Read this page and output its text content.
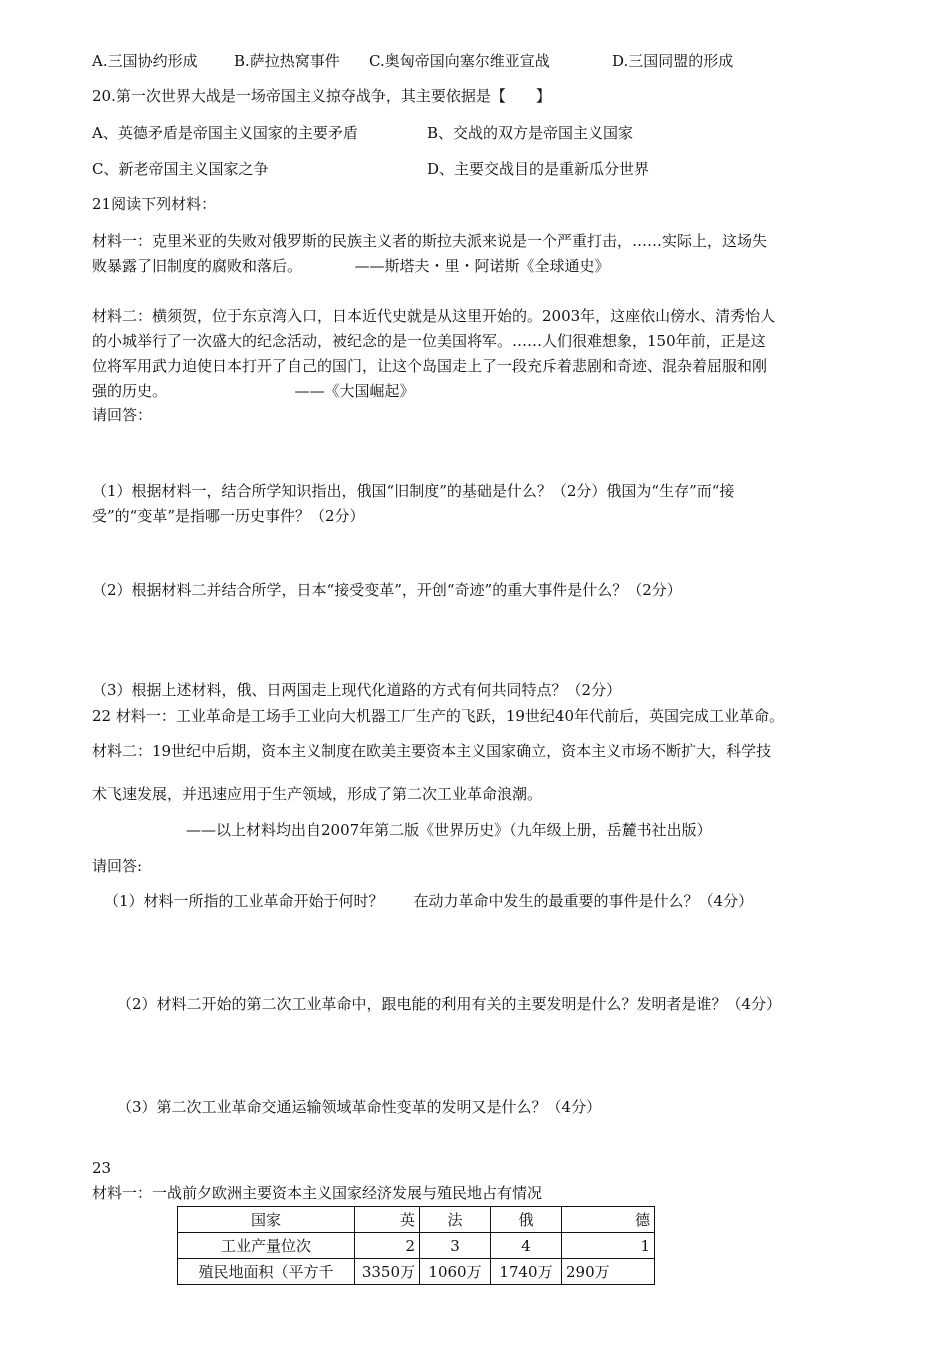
A.三国协约形成 B.萨拉热窝事件 C.奥匈帝国向塞尔维亚宣战	D.三国同盟的形成
20.第一次世界大战是一场帝国主义掠夺战争，其主要依据是【　　】
A、英德矛盾是帝国主义国家的主要矛盾	B、交战的双方是帝国主义国家
C、新老帝国主义国家之争	D、主要交战目的是重新瓜分世界
21阅读下列材料：
材料一：克里米亚的失败对俄罗斯的民族主义者的斯拉夫派来说是一个严重打击，……实际上，这场失
败暴露了旧制度的腐败和落后。　　　　——斯塔夫・里・阿诺斯《全球通史》
材料二：横须贺，位于东京湾入口，日本近代史就是从这里开始的。2003年，这座依山傍水、清秀怡人
的小城举行了一次盛大的纪念活动，被纪念的是一位美国将军。……人们很难想象，150年前，正是这
位将军用武力迫使日本打开了自己的国门，让这个岛国走上了一段充斥着悲剧和奇迹、混杂着屈服和刚
强的历史。　　　　　　　　　——《大国崛起》
请回答：
（1）根据材料一，结合所学知识指出，俄国“旧制度”的基础是什么？（2分）俄国为“生存”而“接
受”的“变革”是指哪一历史事件？（2分）
（2）根据材料二并结合所学，日本“接受变革”，开创“奇迹”的重大事件是什么？（2分）
（3）根据上述材料，俄、日两国走上现代化道路的方式有何共同特点？（2分）
22 材料一：工业革命是工场手工业向大机器工厂生产的飞跃，19世纪40年代前后，英国完成工业革命。
材料二：19世纪中后期，资本主义制度在欧美主要资本主义国家确立，资本主义市场不断扩大，科学技
术飞速发展，并迅速应用于生产领域，形成了第二次工业革命浪潮。
——以上材料均出自2007年第二版《世界历史》（九年级上册，岳麓书社出版）
请回答:
（1）材料一所指的工业革命开始于何时？　　在动力革命中发生的最重要的事件是什么？（4分）
（2）材料二开始的第二次工业革命中，跟电能的利用有关的主要发明是什么？发明者是谁？（4分）
（3）第二次工业革命交通运输领域革命性变革的发明又是什么？（4分）
23
材料一：一战前夕欧洲主要资本主义国家经济发展与殖民地占有情况
国家	英	法	俄	德
工业产量位次	2	3	4	1
殖民地面积（平方千	3350万	1060万	1740万	290万
